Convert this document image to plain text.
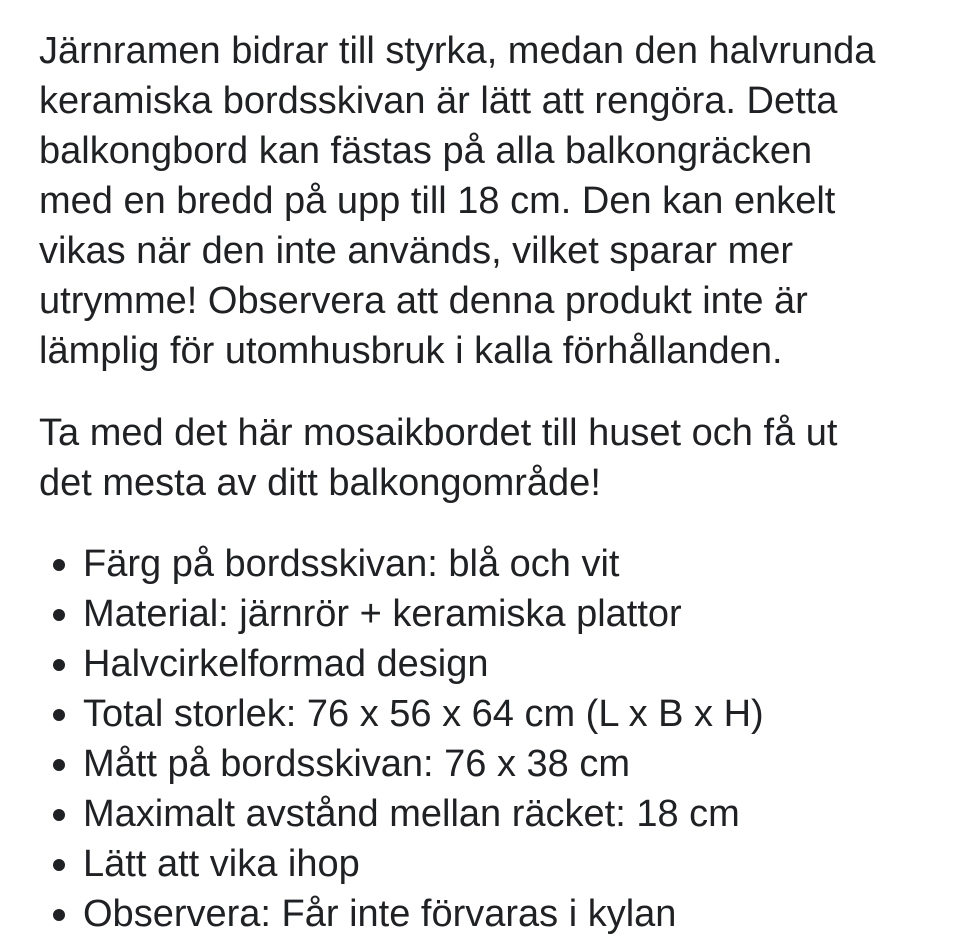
Järnramen bidrar till styrka, medan den halvrunda
keramiska bordsskivan är lätt att rengöra. Detta
balkongbord kan fästas på alla balkongräcken
med en bredd på upp till 18 cm. Den kan enkelt
vikas när den inte används, vilket sparar mer
utrymme! Observera att denna produkt inte är
lämplig för utomhusbruk i kalla förhållanden.

Ta med det här mosaikbordet till huset och få ut
det mesta av ditt balkongområde!

Färg på bordsskivan: blå och vit
Material: järnrör + keramiska plattor
Halvcirkelformad design
Total storlek: 76 x 56 x 64 cm (L x B x H)
Mått på bordsskivan: 76 x 38 cm
Maximalt avstånd mellan räcket: 18 cm
Lätt att vika ihop
Observera: Får inte förvaras i kylan
